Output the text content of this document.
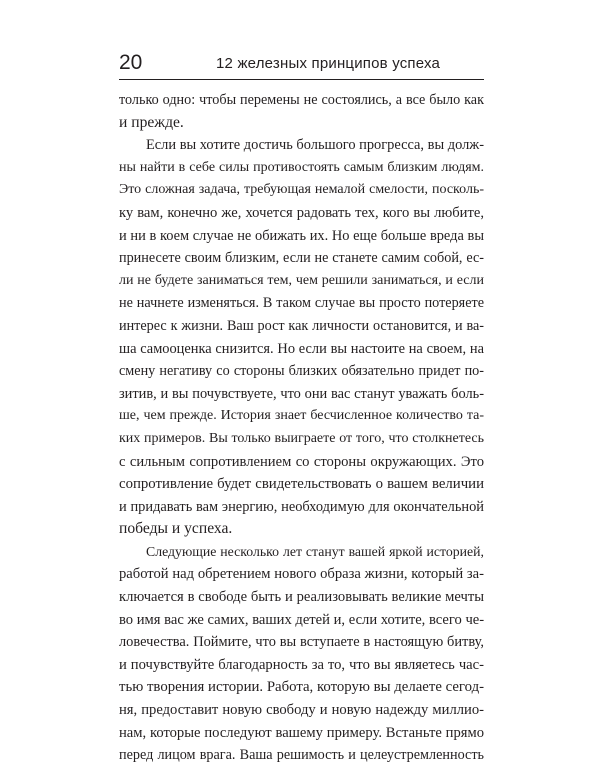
20	12 железных принципов успеха
только одно: чтобы перемены не состоялись, а все было как
и прежде.
Если вы хотите достичь большого прогресса, вы долж-
ны найти в себе силы противостоять самым близким людям.
Это сложная задача, требующая немалой смелости, посколь-
ку вам, конечно же, хочется радовать тех, кого вы любите,
и ни в коем случае не обижать их. Но еще больше вреда вы
принесете своим близким, если не станете самим собой, ес-
ли не будете заниматься тем, чем решили заниматься, и если
не начнете изменяться. В таком случае вы просто потеряете
интерес к жизни. Ваш рост как личности остановится, и ва-
ша самооценка снизится. Но если вы настоите на своем, на
смену негативу со стороны близких обязательно придет по-
зитив, и вы почувствуете, что они вас станут уважать боль-
ше, чем прежде. История знает бесчисленное количество та-
ких примеров. Вы только выиграете от того, что столкнетесь
с сильным сопротивлением со стороны окружающих. Это
сопротивление будет свидетельствовать о вашем величии
и придавать вам энергию, необходимую для окончательной
победы и успеха.
Следующие несколько лет станут вашей яркой историей,
работой над обретением нового образа жизни, который за-
ключается в свободе быть и реализовывать великие мечты
во имя вас же самих, ваших детей и, если хотите, всего че-
ловечества. Поймите, что вы вступаете в настоящую битву,
и почувствуйте благодарность за то, что вы являетесь час-
тью творения истории. Работа, которую вы делаете сегод-
ня, предоставит новую свободу и новую надежду миллио-
нам, которые последуют вашему примеру. Встаньте прямо
перед лицом врага. Ваша решимость и целеустремленность
